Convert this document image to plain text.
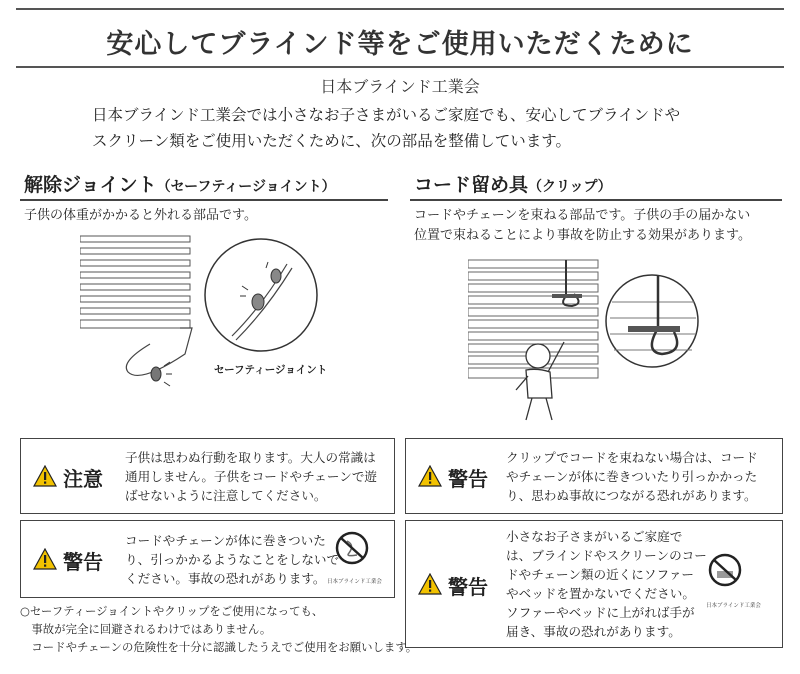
安心してブラインド等をご使用いただくために
日本ブラインド工業会
日本ブラインド工業会では小さなお子さまがいるご家庭でも、安心してブラインドや
スクリーン類をご使用いただくために、次の部品を整備しています。
解除ジョイント（セーフティージョイント）
子供の体重がかかると外れる部品です。
コード留め具（クリップ）
コードやチェーンを束ねる部品です。子供の手の届かない
位置で束ねることにより事故を防止する効果があります。
セーフティージョイント
注意
子供は思わぬ行動を取ります。大人の常識は
通用しません。子供をコードやチェーンで遊
ばせないように注意してください。
警告
クリップでコードを束ねない場合は、コード
やチェーンが体に巻きついたり引っかかった
り、思わぬ事故につながる恐れがあります。
警告
コードやチェーンが体に巻きついた
り、引っかかるようなことをしないで
ください。事故の恐れがあります。 日本ブラインド工業会	警告
小さなお子さまがいるご家庭で
は、ブラインドやスクリーンのコー
ドやチェーン類の近くにソファー
やベッドを置かないでください。
ソファーやベッドに上がれば手が
届き、事故の恐れがあります。
日本ブラインド工業会
○セーフティージョイントやクリップをご使用になっても、
　事故が完全に回避されるわけではありません。
　コードやチェーンの危険性を十分に認識したうえでご使用をお願いします。
